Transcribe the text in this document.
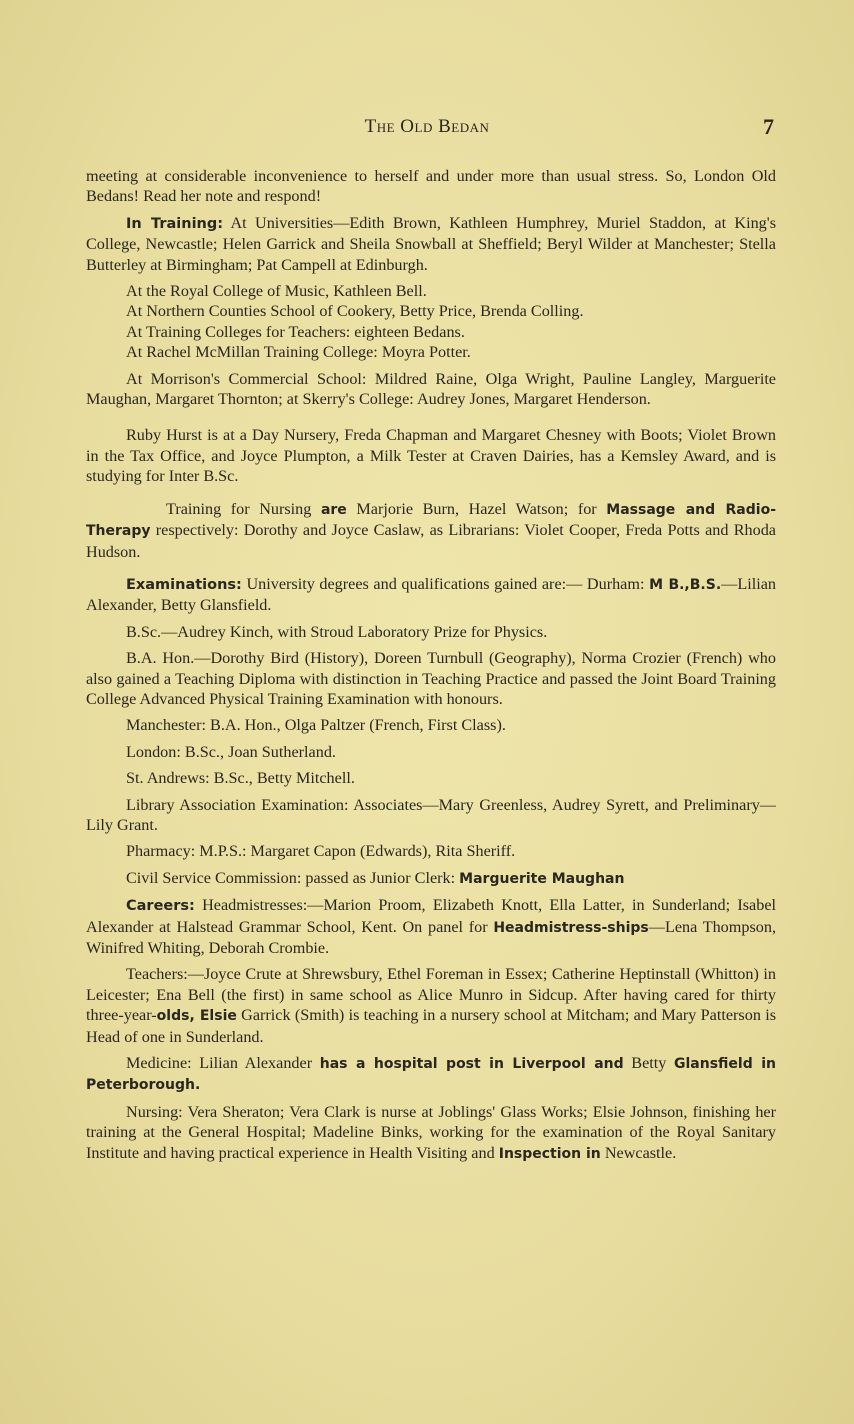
The Old Bedan	7

meeting at considerable inconvenience to herself and under more than usual stress. So, London Old Bedans! Read her note and respond!

In Training: At Universities—Edith Brown, Kathleen Humphrey, Muriel Staddon, at King's College, Newcastle; Helen Garrick and Sheila Snowball at Sheffield; Beryl Wilder at Manchester; Stella Butterley at Birmingham; Pat Campell at Edinburgh.

At the Royal College of Music, Kathleen Bell.

At Northern Counties School of Cookery, Betty Price, Brenda Colling.

At Training Colleges for Teachers: eighteen Bedans.

At Rachel McMillan Training College: Moyra Potter.

At Morrison's Commercial School: Mildred Raine, Olga Wright, Pauline Langley, Marguerite Maughan, Margaret Thornton; at Skerry's College: Audrey Jones, Margaret Henderson.

Ruby Hurst is at a Day Nursery, Freda Chapman and Margaret Chesney with Boots; Violet Brown in the Tax Office, and Joyce Plumpton, a Milk Tester at Craven Dairies, has a Kemsley Award, and is studying for Inter B.Sc.

Training for Nursing are Marjorie Burn, Hazel Watson; for Massage and Radio-Therapy respectively: Dorothy and Joyce Caslaw, as Librarians: Violet Cooper, Freda Potts and Rhoda Hudson.

Examinations: University degrees and qualifications gained are:— Durham: M B.,B.S.—Lilian Alexander, Betty Glansfield.

B.Sc.—Audrey Kinch, with Stroud Laboratory Prize for Physics.

B.A. Hon.—Dorothy Bird (History), Doreen Turnbull (Geography), Norma Crozier (French) who also gained a Teaching Diploma with distinction in Teaching Practice and passed the Joint Board Training College Advanced Physical Training Examination with honours.

Manchester: B.A. Hon., Olga Paltzer (French, First Class).

London: B.Sc., Joan Sutherland.

St. Andrews: B.Sc., Betty Mitchell.

Library Association Examination: Associates—Mary Greenless, Audrey Syrett, and Preliminary—Lily Grant.

Pharmacy: M.P.S.: Margaret Capon (Edwards), Rita Sheriff.

Civil Service Commission: passed as Junior Clerk: Marguerite Maughan

Careers: Headmistresses:—Marion Proom, Elizabeth Knott, Ella Latter, in Sunderland; Isabel Alexander at Halstead Grammar School, Kent. On panel for Headmistress-ships—Lena Thompson, Winifred Whiting, Deborah Crombie.

Teachers:—Joyce Crute at Shrewsbury, Ethel Foreman in Essex; Catherine Heptinstall (Whitton) in Leicester; Ena Bell (the first) in same school as Alice Munro in Sidcup. After having cared for thirty three-year-olds, Elsie Garrick (Smith) is teaching in a nursery school at Mitcham; and Mary Patterson is Head of one in Sunderland.

Medicine: Lilian Alexander has a hospital post in Liverpool and Betty Glansfield in Peterborough.

Nursing: Vera Sheraton; Vera Clark is nurse at Joblings' Glass Works; Elsie Johnson, finishing her training at the General Hospital; Madeline Binks, working for the examination of the Royal Sanitary Institute and having practical experience in Health Visiting and Inspection in Newcastle.
